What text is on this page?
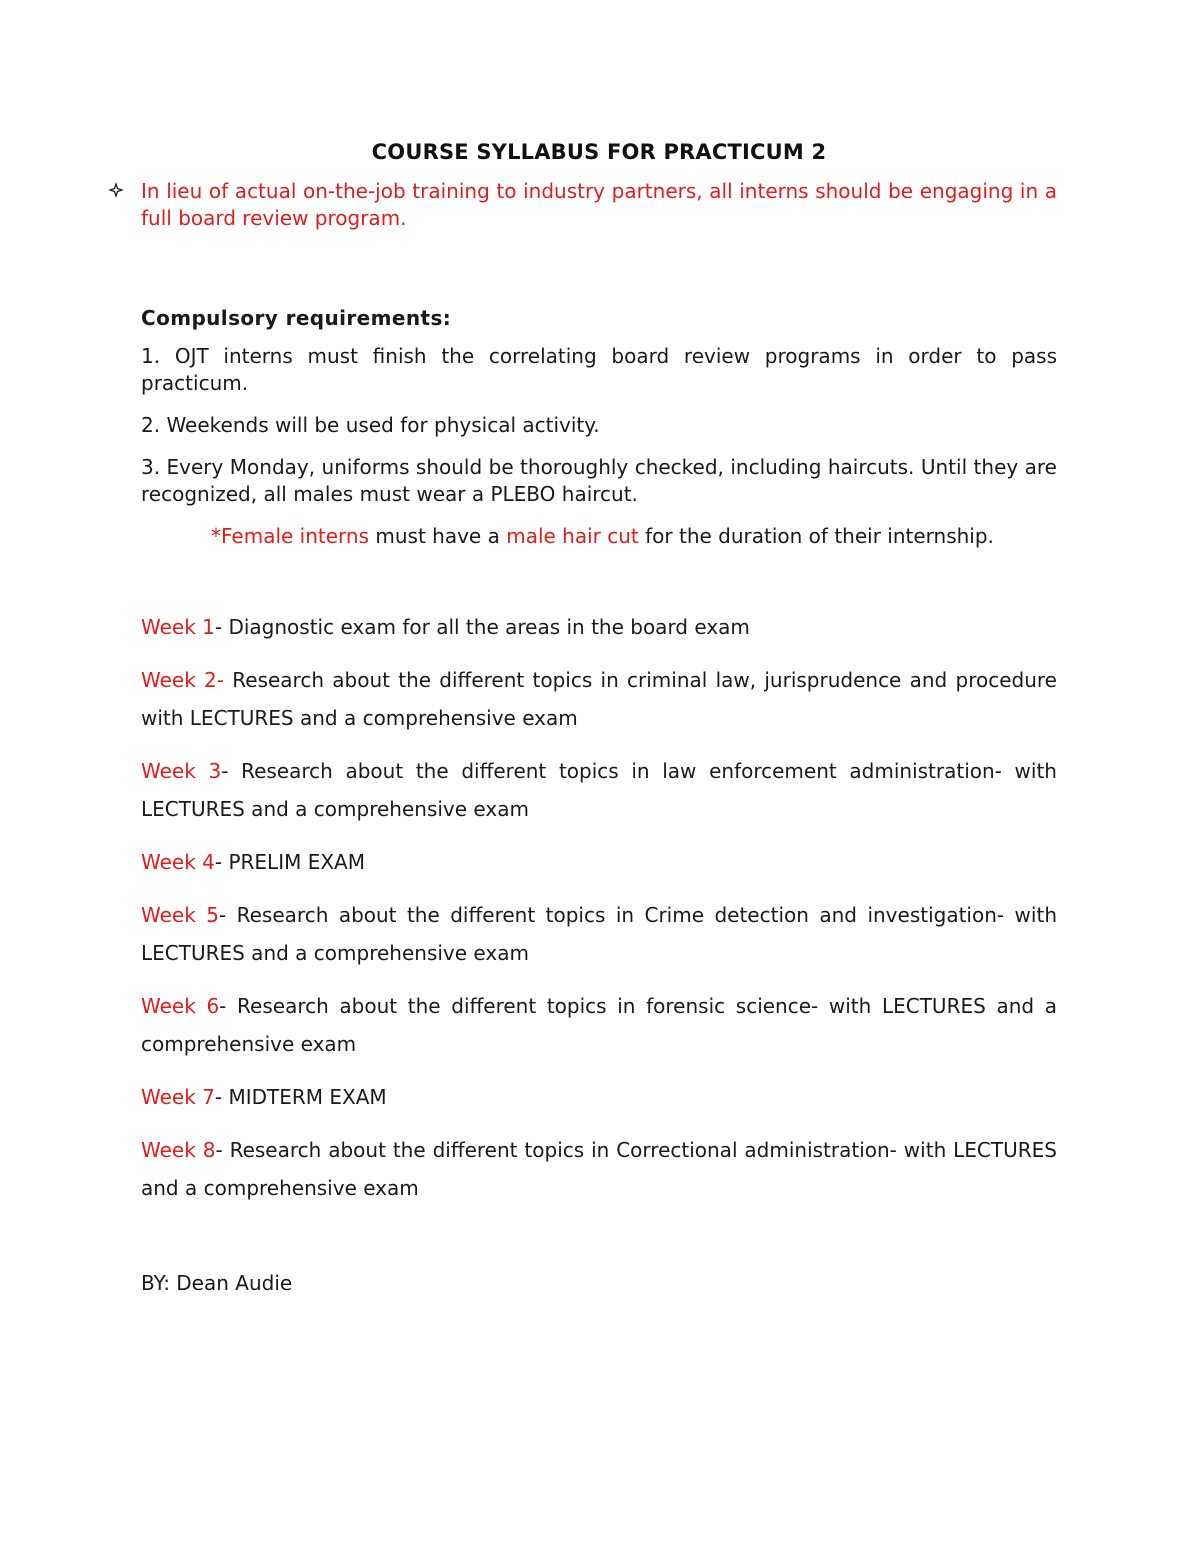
COURSE SYLLABUS FOR PRACTICUM 2
In lieu of actual on-the-job training to industry partners, all interns should be engaging in a full board review program.
Compulsory requirements:

1. OJT interns must finish the correlating board review programs in order to pass practicum.

2. Weekends will be used for physical activity.

3. Every Monday, uniforms should be thoroughly checked, including haircuts. Until they are recognized, all males must wear a PLEBO haircut.

*Female interns must have a male hair cut for the duration of their internship.

Week 1- Diagnostic exam for all the areas in the board exam

Week 2- Research about the different topics in criminal law, jurisprudence and procedure with LECTURES and a comprehensive exam

Week 3- Research about the different topics in law enforcement administration- with LECTURES and a comprehensive exam

Week 4- PRELIM EXAM

Week 5- Research about the different topics in Crime detection and investigation- with LECTURES and a comprehensive exam

Week 6- Research about the different topics in forensic science- with LECTURES and a comprehensive exam

Week 7- MIDTERM EXAM

Week 8- Research about the different topics in Correctional administration- with LECTURES and a comprehensive exam

BY: Dean Audie
